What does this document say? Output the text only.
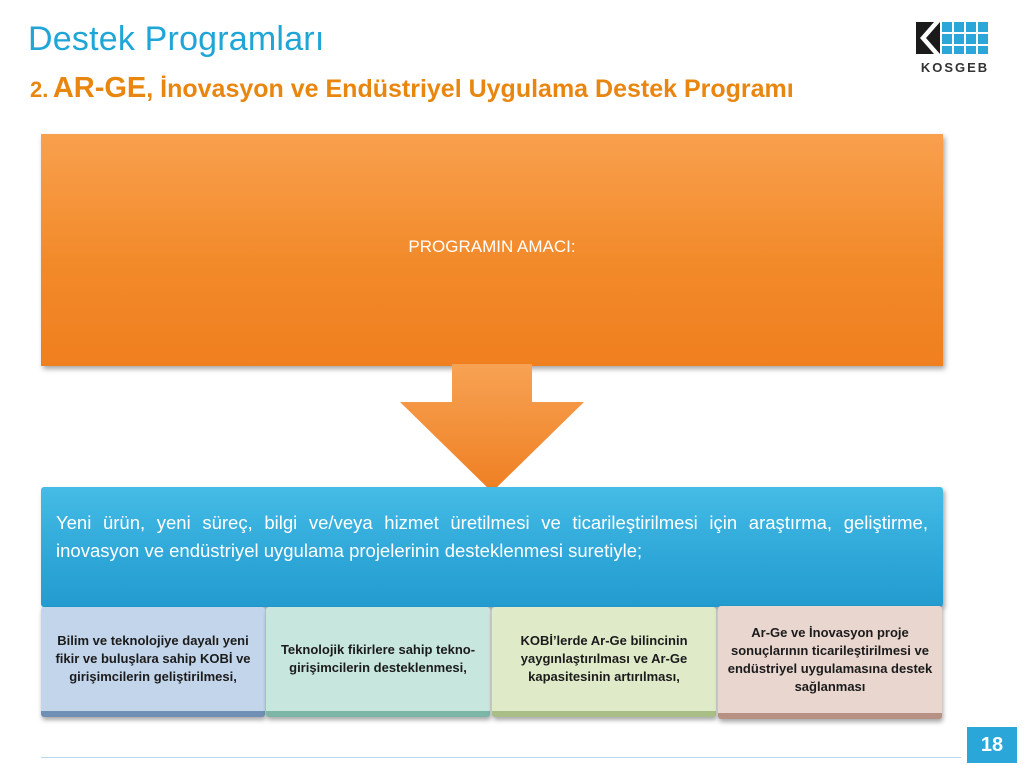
Destek Programları
2. AR-GE, İnovasyon ve Endüstriyel Uygulama Destek Programı
KOSGEB
PROGRAMIN AMACI:
Yeni ürün, yeni süreç, bilgi ve/veya hizmet üretilmesi ve ticarileştirilmesi için araştırma, geliştirme, inovasyon ve endüstriyel uygulama projelerinin desteklenmesi suretiyle;
Bilim ve teknolojiye dayalı yeni fikir ve buluşlara sahip KOBİ ve girişimcilerin geliştirilmesi,
Teknolojik fikirlere sahip tekno-girişimcilerin desteklenmesi,
KOBİ’lerde Ar-Ge bilincinin yaygınlaştırılması ve Ar-Ge kapasitesinin artırılması,
Ar-Ge ve İnovasyon proje sonuçlarının ticarileştirilmesi ve endüstriyel uygulamasına destek sağlanması
18
